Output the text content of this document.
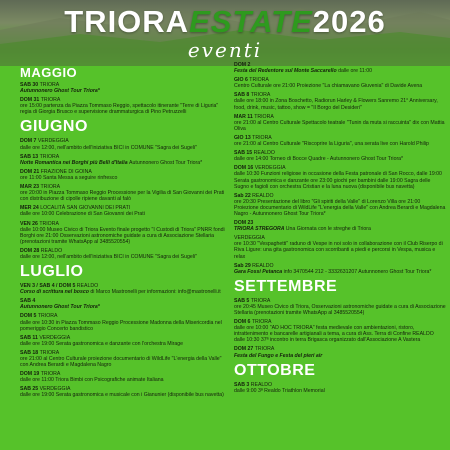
TRIORAESTATE2026
eventi
MAGGIO
SAB 30 TRIORA
Autunnonero Ghost Tour Triora*
DOM 31 TRIORA
ore 15:00 partenza da Piazza Tommaso Reggio, spettacolo itinerante "Terre di Liguria" regia di Giorgia Brusco e supervisione drammaturgica di Pino Petruzzelli
GIUGNO
DOM 7 VERDEGGIA
dalle ore 12:00, nell'ambito dell'iniziativa BICI in COMUNE "Sagra dei Sugeli"
SAB 13 TRIORA
Notte Romantica nei Borghi più Belli d'Italia Autunnonero Ghost Tour Triora*
DOM 21 FRAZIONE DI GOINA
ore 11:00 Santa Messa a seguire rinfresco
MAR 23 TRIORA
ore 20:00 in Piazza Tommaso Reggio Processione per la Vigilia di San Giovanni dei Prati con distribuzione di cipolle ripiene davanti al falò
MER 24 LOCALITÀ SAN GIOVANNI DEI PRATI
dalle ore 10:00 Celebrazione di San Giovanni dei Prati
VEN 26 TRIORA
dalle 10:00 Museo Civico di Triora Evento finale progetto "I Custodi di Triora" PNRR fondi Borghi ore 21:00 Osservazioni astronomiche guidate a cura di Associazione Stellaria (prenotazioni tramite WhatsApp al 3485520554)
DOM 28 REALDO
dalle ore 12:00, nell'ambito dell'iniziativa BICI in COMUNE "Sagra dei Sugeli"
LUGLIO
VEN 3 / SAB 4 / DOM 5 REALDO
Corso di scrittura nel bosco di Marco Mastronelli per informazioni: info@mastronelli.it
SAB 4
Autunnonero Ghost Tour Triora*
DOM 5 TRIORA
dalle ore 10:30 in Piazza Tommaso Reggio Processione Madonna della Misericordia nel pomeriggio Concerto bandistico
SAB 11 VERDEGGIA
dalle ore 19:00 Serata gastronomica e danzante con l'orchestra Mirage
SAB 18 TRIORA
ore 21:00 al Centro Culturale proiezione documentario di WildLife "L'energia della Valle" con Andrea Berardi e Magdalena Nagro
DOM 19 TRIORA
dalle ore 11:00 Triora Bimbi con Psicografiche animate Italiana
SAB 25 VERDEGGIA
dalle ore 19:00 Serata gastronomica e musicale con i Gianunier (disponibile bus navetta)
DOM 2
Festa del Redentore sul Monte Saccarello dalle ore 11:00
GIO 6 TRIORA
Centro Culturale ore 21:00 Proiezione "La chiamavano Giuvenia" di Davide Avena
SAB 8 TRIORA
dalle ore 18:00 in Zona Boschetto, Radiorun Harley & Flowers Sanremo 21° Anniversary, food, drink, music, tattoo, show = "Il Borgo del Desideri"
MAR 11 TRIORA
ore 21:00 al Centro Culturale Spettacolo teatrale "Tunin da muta si raccuinta" dix con Mattia Oliva
GIO 13 TRIORA
ore 21:00 al Centro Culturale "Riscoprire la Liguria", una serata live con Harold Philip
SAB 15 REALDO
dalle ore 14:00 Torneo di Bocce Quadre - Autunnonero Ghost Tour Triora*
DOM 16 VERDEGGIA
dalle 10:30 Funzioni religiose in occasione della Festa patronale di San Rocco, dalle 19:00 Serata gastronomica e danzante ore 23:00 giochi per bambini dalle 19:00 Sagra delle Sugno e fagioli con orchestra Cristian e la luna nuova (disponibile bus navetta)
Sab 22 REALDO
ore 20:30 Presentazione del libro "Gli spiriti della Valle" di Lorenzo Villa ore 21:00 Proiezione documentario di WildLife "L'energia della Valle" con Andrea Berardi e Magdalena Nagro - Autunnonero Ghost Tour Triora*
DOM 23
TRIORA STREGORA Una Giornata con le streghe di Triora
VERDEGGIA
ore 10:30 "Vespaghetti" raduno di Vespe in noi solo in collaborazione con il Club Riserpo di Riva Ligure: una gita gastronomica con scorribanti a piedi e percorsi in Vespa, musica e relax
Sab 29 REALDO
Gara Fossi Petanca info 3470544 212 - 3332631207 Autunnonero Ghost Tour Triora*
SETTEMBRE
SAB 5 TRIORA
ore 20:45 Museo Civico di Triora, Osservazioni astronomiche guidate a cura di Associazione Stellaria (prenotazioni tramite WhatsApp al 3485520554)
DOM 6 TRIORA
dalle ore 10:00 "AD HOC TRIORA" festa medievale con ambientazioni, ristoro, intrattenimento e bancarelle artigianali a tema, a cura di Ass. Terra di Confine REALDO dalle 10:30 37ª incontro in terra Brigasca organizzato dall'Associazione A Vastera
DOM 27 TRIORA
Festa del Fungo e Festa del pieri air
OTTOBRE
SAB 3 REALDO
dalle 9:00 3ª Realdo Triathlon Memorial
